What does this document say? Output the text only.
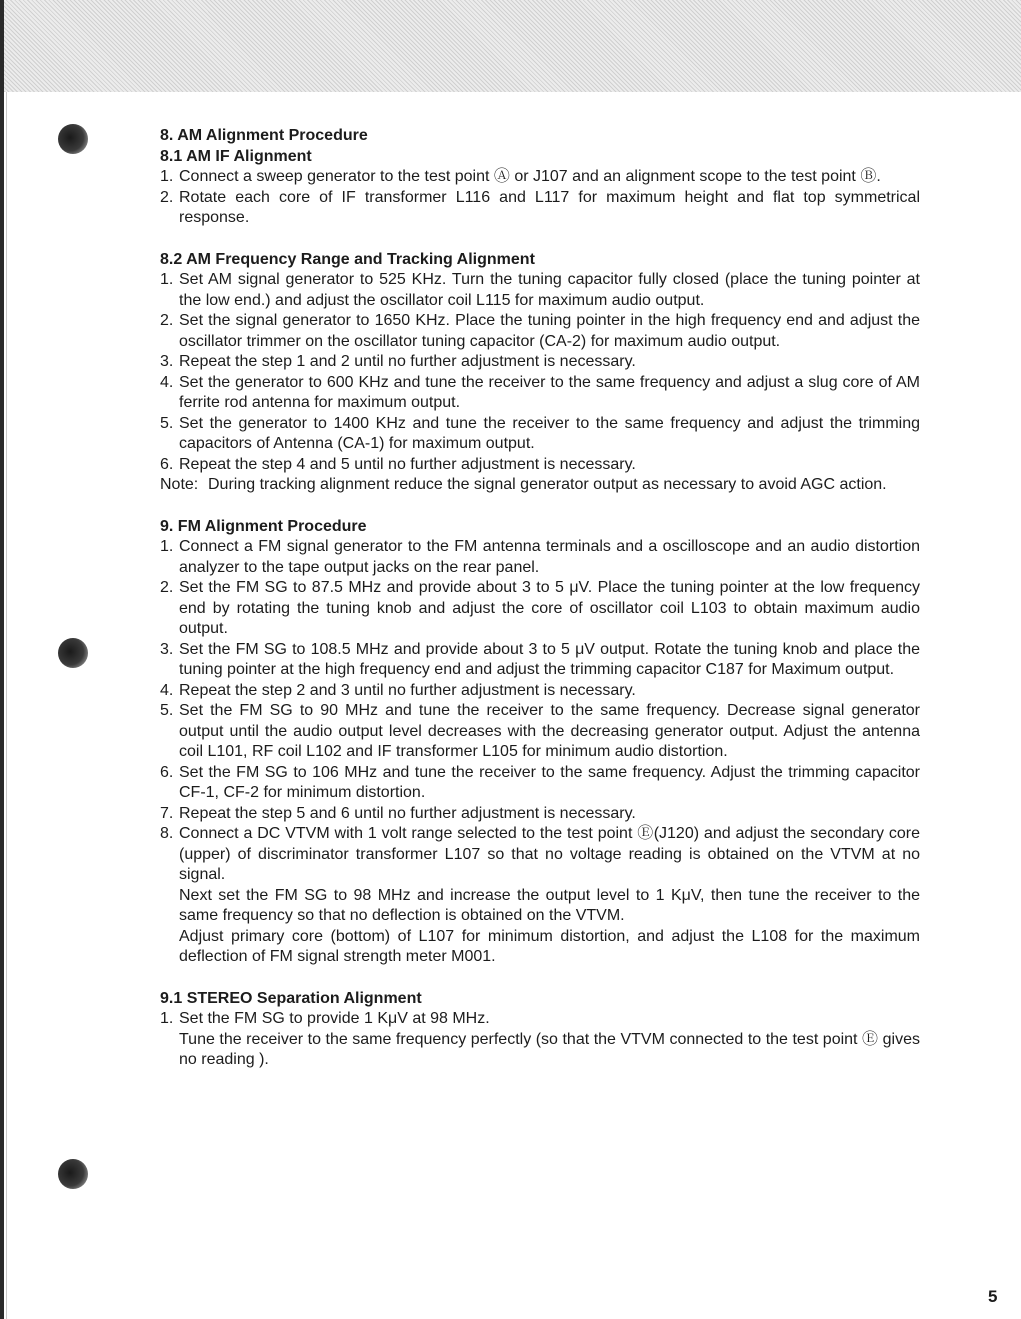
8. AM Alignment Procedure
8.1 AM IF Alignment
1. Connect a sweep generator to the test point Ⓐ or J107 and an alignment scope to the test point Ⓑ.
2. Rotate each core of IF transformer L116 and L117 for maximum height and flat top symmetrical response.
8.2 AM Frequency Range and Tracking Alignment
1. Set AM signal generator to 525 KHz. Turn the tuning capacitor fully closed (place the tuning pointer at the low end.) and adjust the oscillator coil L115 for maximum audio output.
2. Set the signal generator to 1650 KHz. Place the tuning pointer in the high frequency end and adjust the oscillator trimmer on the oscillator tuning capacitor (CA-2) for maximum audio output.
3. Repeat the step 1 and 2 until no further adjustment is necessary.
4. Set the generator to 600 KHz and tune the receiver to the same frequency and adjust a slug core of AM ferrite rod antenna for maximum output.
5. Set the generator to 1400 KHz and tune the receiver to the same frequency and adjust the trimming capacitors of Antenna (CA-1) for maximum output.
6. Repeat the step 4 and 5 until no further adjustment is necessary.
Note: During tracking alignment reduce the signal generator output as necessary to avoid AGC action.
9. FM Alignment Procedure
1. Connect a FM signal generator to the FM antenna terminals and a oscilloscope and an audio distortion analyzer to the tape output jacks on the rear panel.
2. Set the FM SG to 87.5 MHz and provide about 3 to 5 μV. Place the tuning pointer at the low frequency end by rotating the tuning knob and adjust the core of oscillator coil L103 to obtain maximum audio output.
3. Set the FM SG to 108.5 MHz and provide about 3 to 5 μV output. Rotate the tuning knob and place the tuning pointer at the high frequency end and adjust the trimming capacitor C187 for Maximum output.
4. Repeat the step 2 and 3 until no further adjustment is necessary.
5. Set the FM SG to 90 MHz and tune the receiver to the same frequency. Decrease signal generator output until the audio output level decreases with the decreasing generator output. Adjust the antenna coil L101, RF coil L102 and IF transformer L105 for minimum audio distortion.
6. Set the FM SG to 106 MHz and tune the receiver to the same frequency. Adjust the trimming capacitor CF-1, CF-2 for minimum distortion.
7. Repeat the step 5 and 6 until no further adjustment is necessary.
8. Connect a DC VTVM with 1 volt range selected to the test point Ⓔ(J120) and adjust the secondary core (upper) of discriminator transformer L107 so that no voltage reading is obtained on the VTVM at no signal.
Next set the FM SG to 98 MHz and increase the output level to 1 KμV, then tune the receiver to the same frequency so that no deflection is obtained on the VTVM.
Adjust primary core (bottom) of L107 for minimum distortion, and adjust the L108 for the maximum deflection of FM signal strength meter M001.
9.1 STEREO Separation Alignment
1. Set the FM SG to provide 1 KμV at 98 MHz.
Tune the receiver to the same frequency perfectly (so that the VTVM connected to the test point Ⓔ gives no reading ).
5
